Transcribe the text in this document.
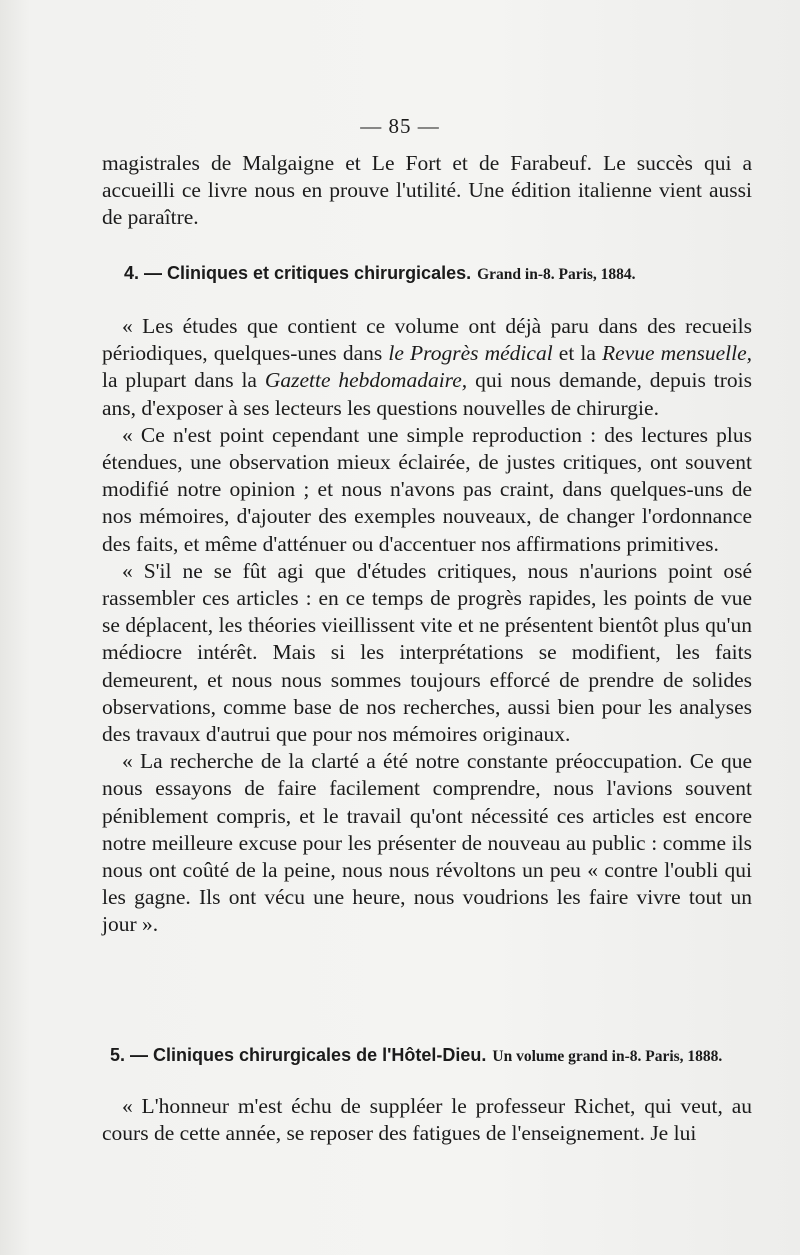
— 85 —

magistrales de Malgaigne et Le Fort et de Farabeuf. Le succès qui a accueilli ce livre nous en prouve l'utilité. Une édition italienne vient aussi de paraître.

4. — Cliniques et critiques chirurgicales. Grand in-8. Paris, 1884.

« Les études que contient ce volume ont déjà paru dans des recueils périodiques, quelques-unes dans le Progrès médical et la Revue mensuelle, la plupart dans la Gazette hebdomadaire, qui nous demande, depuis trois ans, d'exposer à ses lecteurs les questions nouvelles de chirurgie.

« Ce n'est point cependant une simple reproduction : des lectures plus étendues, une observation mieux éclairée, de justes critiques, ont souvent modifié notre opinion ; et nous n'avons pas craint, dans quelques-uns de nos mémoires, d'ajouter des exemples nouveaux, de changer l'ordonnance des faits, et même d'atténuer ou d'accentuer nos affirmations primitives.

« S'il ne se fût agi que d'études critiques, nous n'aurions point osé rassembler ces articles : en ce temps de progrès rapides, les points de vue se déplacent, les théories vieillissent vite et ne présentent bientôt plus qu'un médiocre intérêt. Mais si les interprétations se modifient, les faits demeurent, et nous nous sommes toujours efforcé de prendre de solides observations, comme base de nos recherches, aussi bien pour les analyses des travaux d'autrui que pour nos mémoires originaux.

« La recherche de la clarté a été notre constante préoccupation. Ce que nous essayons de faire facilement comprendre, nous l'avions souvent péniblement compris, et le travail qu'ont nécessité ces articles est encore notre meilleure excuse pour les présenter de nouveau au public : comme ils nous ont coûté de la peine, nous nous révoltons un peu « contre l'oubli qui les gagne. Ils ont vécu une heure, nous voudrions les faire vivre tout un jour ».

5. — Cliniques chirurgicales de l'Hôtel-Dieu. Un volume grand in-8. Paris, 1888.

« L'honneur m'est échu de suppléer le professeur Richet, qui veut, au cours de cette année, se reposer des fatigues de l'enseignement. Je lui
